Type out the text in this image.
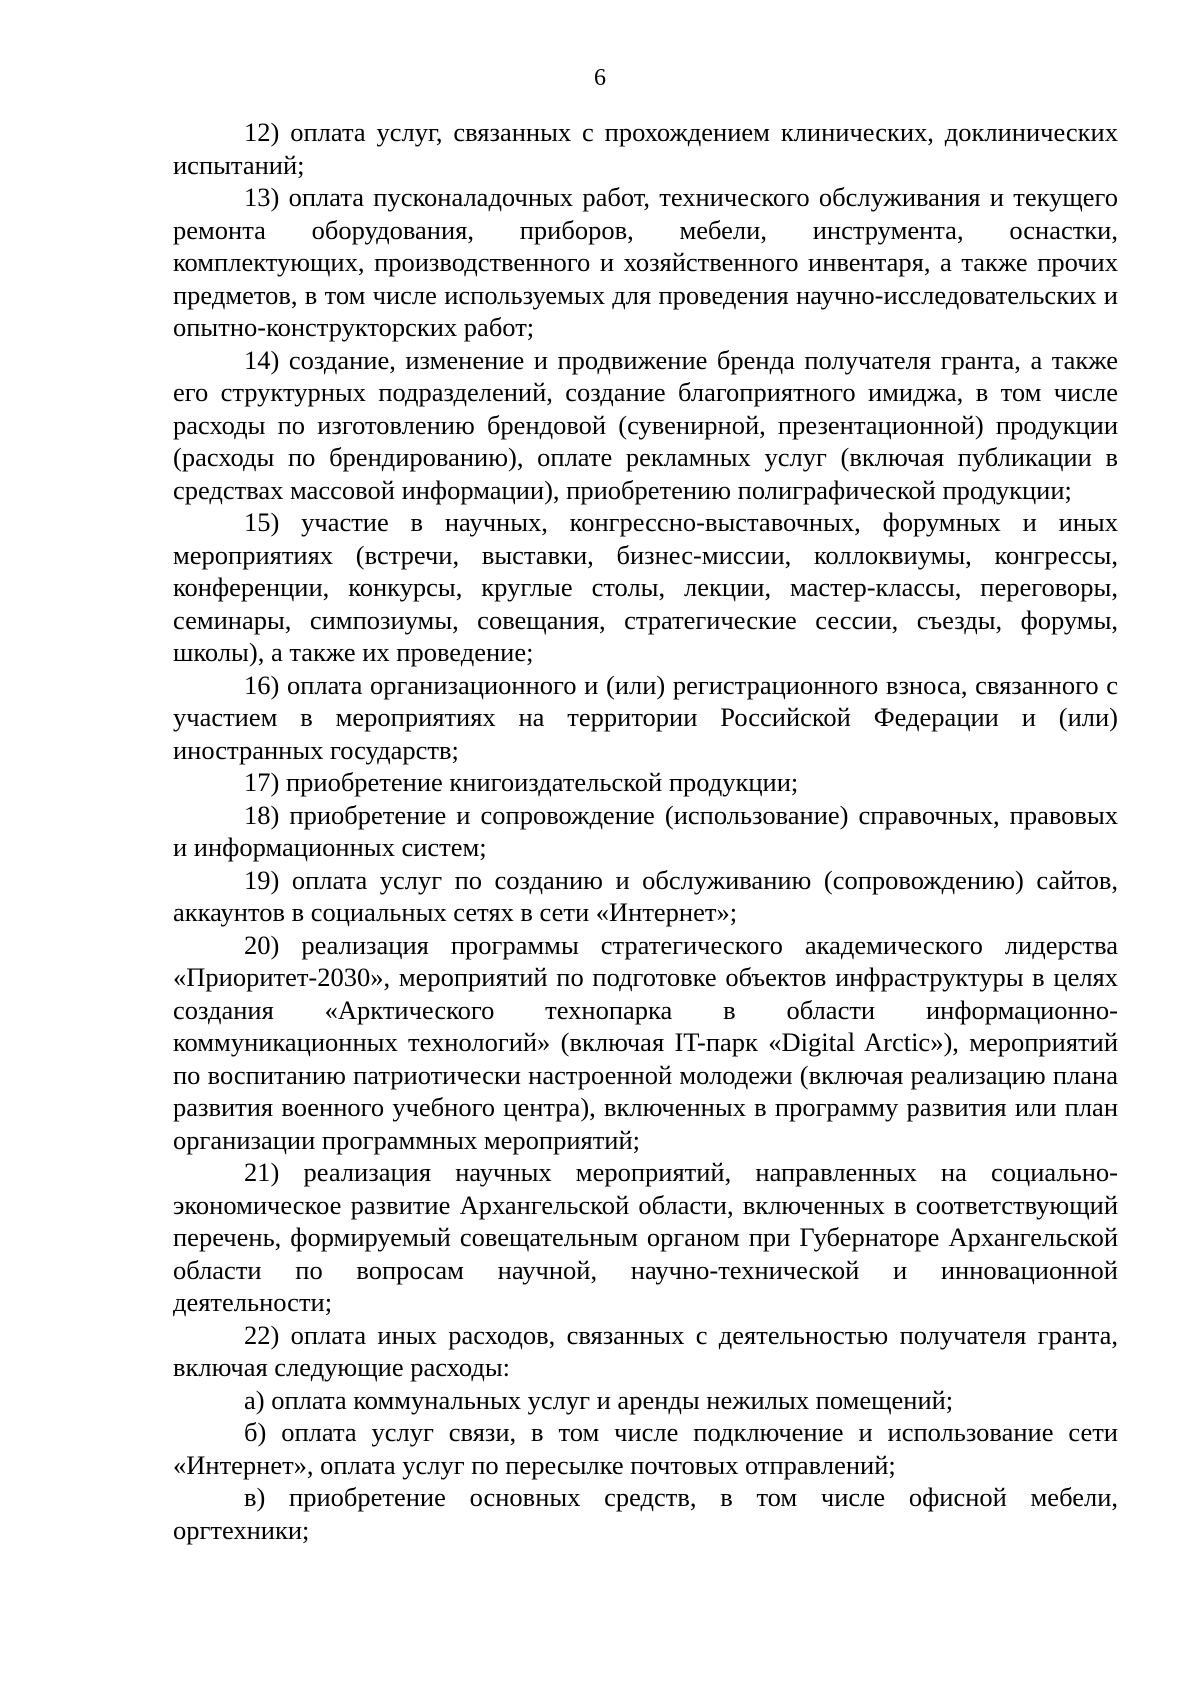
6

12) оплата услуг, связанных с прохождением клинических, доклинических испытаний;

13) оплата пусконаладочных работ, технического обслуживания и текущего ремонта оборудования, приборов, мебели, инструмента, оснастки, комплектующих, производственного и хозяйственного инвентаря, а также прочих предметов, в том числе используемых для проведения научно-исследовательских и опытно-конструкторских работ;

14) создание, изменение и продвижение бренда получателя гранта, а также его структурных подразделений, создание благоприятного имиджа, в том числе расходы по изготовлению брендовой (сувенирной, презентационной) продукции (расходы по брендированию), оплате рекламных услуг (включая публикации в средствах массовой информации), приобретению полиграфической продукции;

15) участие в научных, конгрессно-выставочных, форумных и иных мероприятиях (встречи, выставки, бизнес-миссии, коллоквиумы, конгрессы, конференции, конкурсы, круглые столы, лекции, мастер-классы, переговоры, семинары, симпозиумы, совещания, стратегические сессии, съезды, форумы, школы), а также их проведение;

16) оплата организационного и (или) регистрационного взноса, связанного с участием в мероприятиях на территории Российской Федерации и (или) иностранных государств;

17) приобретение книгоиздательской продукции;

18) приобретение и сопровождение (использование) справочных, правовых и информационных систем;

19) оплата услуг по созданию и обслуживанию (сопровождению) сайтов, аккаунтов в социальных сетях в сети «Интернет»;

20) реализация программы стратегического академического лидерства «Приоритет-2030», мероприятий по подготовке объектов инфраструктуры в целях создания «Арктического технопарка в области информационно-коммуникационных технологий» (включая IT-парк «Digital Arctic»), мероприятий по воспитанию патриотически настроенной молодежи (включая реализацию плана развития военного учебного центра), включенных в программу развития или план организации программных мероприятий;

21) реализация научных мероприятий, направленных на социально-экономическое развитие Архангельской области, включенных в соответствующий перечень, формируемый совещательным органом при Губернаторе Архангельской области по вопросам научной, научно-технической и инновационной деятельности;

22) оплата иных расходов, связанных с деятельностью получателя гранта, включая следующие расходы:

а) оплата коммунальных услуг и аренды нежилых помещений;

б) оплата услуг связи, в том числе подключение и использование сети «Интернет», оплата услуг по пересылке почтовых отправлений;

в) приобретение основных средств, в том числе офисной мебели, оргтехники;
